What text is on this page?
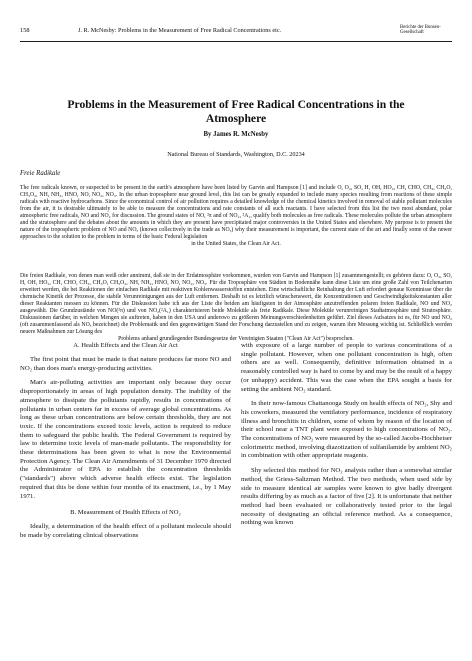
158	J. R. McNesby: Problems in the Measurement of Free Radical Concentrations etc.	Berichte der Bunsen-Gesellschaft
Problems in the Measurement of Free Radical Concentrations in the Atmosphere
By James R. McNesby
National Bureau of Standards, Washington, D.C. 20234
Freie Radikale

The free radicals known, or suspected to be present in the earth's atmosphere have been listed by Garvin and Hampson [1] and include O, O₂, SO, H, OH, HO₂, CH, CHO, CH₃, CH₃O, CH₃O₂, NH, NH₂, HNO, NO, NO₂, NO₃. In the urban troposphere near ground level, this list can be greatly expanded to include many species resulting from reactions of these simple radicals with reactive hydrocarbons. Since the economical control of air pollution requires a detailed knowledge of the chemical kinetics involved in removal of stable pollutant molecules from the air, it is desirable ultimately to be able to measure the concentrations and rate constants of all such reactants. I have selected from this list the two most abundant, polar atmospheric free radicals, NO and NO₂ for discussion. The ground states of NO, ²π and of NO₂, ²A₁, qualify both molecules as free radicals. These molecules pollute the urban atmosphere and the stratosphere and the debates about the amounts in which they are present have precipitated major controversies in the United States and elsewhere. My purpose is to present the nature of the tropospheric problem of NO and NOₓ (known collectively in the trade as NOₓ) why their measurement is important, the current state of the art and finally some of the newer approaches to the solution to the problem in terms of the basic Federal legislation
in the United States, the Clean Air Act.

Die freien Radikale, von denen man weiß oder annimmt, daß sie in der Erdatmosphäre vorkommen, wurden von Garvin and Hampson [1] zusammengestellt; es gehören dazu: O, O₂, SO, H, OH, HO₂, CH, CHO, CH₃, CH₃O, CH₃O₂, NH, NH₂, HNO, NO, NO₂, NO₃. Für die Troposphäre von Städten in Bodennähe kann diese Liste um eine große Zahl von Teilchenarten erweitert werden, die bei Reaktionen der einfachen Radikale mit reaktiven Kohlenwasserstoffen entstehen. Eine wirtschaftliche Reinhaltung der Luft erfordert genaue Kenntnisse über die chemische Kinetik der Prozesse, die stabile Verunreinigungen aus der Luft entfernen. Deshalb ist es letztlich wünschenswert, die Konzentrationen und Geschwindigkeitskonstanten aller dieser Reaktanten messen zu können. Für die Diskussion habe ich aus der Liste die beiden am häufigsten in der Atmosphäre anzutreffenden polaren freien Radikale, NO und NO₂ ausgewählt. Die Grundzustände von NO(²π) und von NO₂(²A₁) charakterisieren beide Moleküle als freie Radikale. Diese Moleküle verunreinigen Stadtatmosphäre und Stratosphäre. Diskussionen darüber, in welchen Mengen sie auftreten, haben in den USA und anderswo zu größeren Meinungsverschiedenheiten geführt. Ziel dieses Aufsatzes ist es, für NO und NO₂ (oft zusammenfassend als NOₓ bezeichnet) die Problematik und den gegenwärtigen Stand der Forschung darzustellen und zu zeigen, warum ihre Messung wichtig ist. Schließlich werden neuere Maßnahmen zur Lösung des
Problems anhand grundlegender Bundesgesetze der Vereinigten Staaten ("Clean Air Act") besprochen.

A. Health Effects and the Clean Air Act

The first point that must be made is that nature produces far more NO and NO₂ than does man's energy-producing activities.

Man's air-polluting activities are important only because they occur disproportionately in areas of high population density. The inability of the atmosphere to dissipate the pollutants rapidly, results in concentrations of pollutants in urban centers far in excess of average global concentrations. As long as these urban concentrations are below certain thresholds, they are not toxic. If the concentrations exceed toxic levels, action is required to reduce them to safeguard the public health. The Federal Government is required by law to determine toxic levels of man-made pollutants. The responsibility for these determinations has been given to what is now the Environmental Protection Agency. The Clean Air Amendments of 31 December 1970 directed the Administrator of EPA to establish the concentration thresholds ("standards") above which adverse health effects exist. The legislation required that this be done within four months of its enactment, i.e., by 1 May 1971.

B. Measurement of Health Effects of NO₂

Ideally, a determination of the health effect of a pollutant molecule should be made by correlating clinical observations

with exposure of a large number of people to various concentrations of a single pollutant. However, when one pollutant concentration is high, often others are as well. Consequently, definitive information obtained in a reasonably controlled way is hard to come by and may be the result of a happy (or unhappy) accident. This was the case when the EPA sought a basis for setting the ambient NO₂ standard.

In their now-famous Chattanooga Study on health effects of NO₂, Shy and his coworkers, measured the ventilatory performance, incidence of respiratory illness and bronchitis in children, some of whom by reason of the location of their school near a TNT plant were exposed to high concentrations of NO₂. The concentrations of NO₂ were measured by the so-called Jacobs-Hochheiser colorimetric method, involving diazotization of sulfanilamide by ambient NO₂ in combination with other appropriate reagents.

Shy selected this method for NO₂ analysis rather than a somewhat similar method, the Griess-Saltzman Method. The two methods, when used side by side to measure identical air samples were known to give badly divergent results differing by as much as a factor of five [2]. It is unfortunate that neither method had been evaluated or collaboratively tested prior to the legal necessity of designating an official reference method. As a consequence, nothing was known
